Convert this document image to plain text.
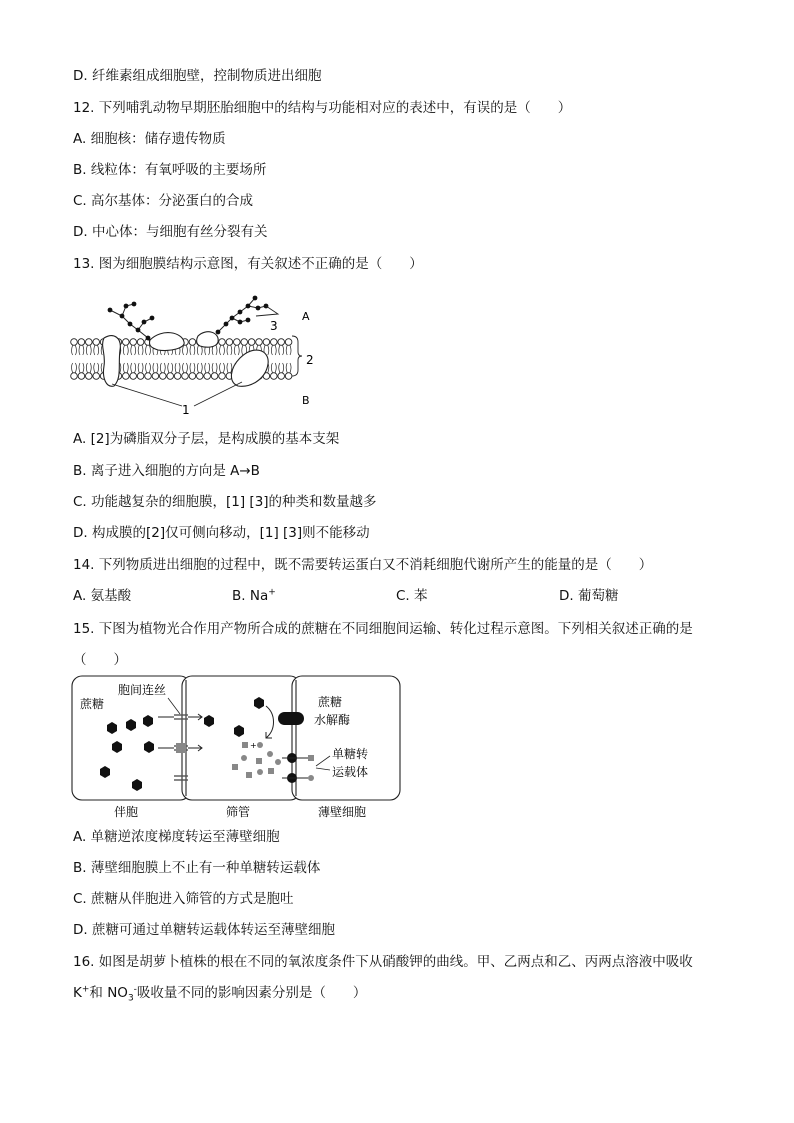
D. 纤维素组成细胞壁，控制物质进出细胞
12. 下列哺乳动物早期胚胎细胞中的结构与功能相对应的表述中，有误的是（　　）
A. 细胞核：储存遗传物质
B. 线粒体：有氧呼吸的主要场所
C. 高尔基体：分泌蛋白的合成
D. 中心体：与细胞有丝分裂有关
13. 图为细胞膜结构示意图，有关叙述不正确的是（　　）
3
A
2
1
B
A. [2]为磷脂双分子层，是构成膜的基本支架
B. 离子进入细胞的方向是 A→B
C. 功能越复杂的细胞膜，[1] [3]的种类和数量越多
D. 构成膜的[2]仅可侧向移动，[1] [3]则不能移动
14. 下列物质进出细胞的过程中，既不需要转运蛋白又不消耗细胞代谢所产生的能量的是（　　）
A. 氨基酸	B. Na+	C. 苯	D. 葡萄糖
15. 下图为植物光合作用产物所合成的蔗糖在不同细胞间运输、转化过程示意图。下列相关叙述正确的是
（　　）
蔗糖
胞间连丝
+
蔗糖
水解酶
单糖转
运载体
伴胞	筛管	薄壁细胞
A. 单糖逆浓度梯度转运至薄壁细胞
B. 薄壁细胞膜上不止有一种单糖转运载体
C. 蔗糖从伴胞进入筛管的方式是胞吐
D. 蔗糖可通过单糖转运载体转运至薄壁细胞
16. 如图是胡萝卜植株的根在不同的氧浓度条件下从硝酸钾的曲线。甲、乙两点和乙、丙两点溶液中吸收
K+和 $NO_3^-$吸收量不同的影响因素分别是（　　）
